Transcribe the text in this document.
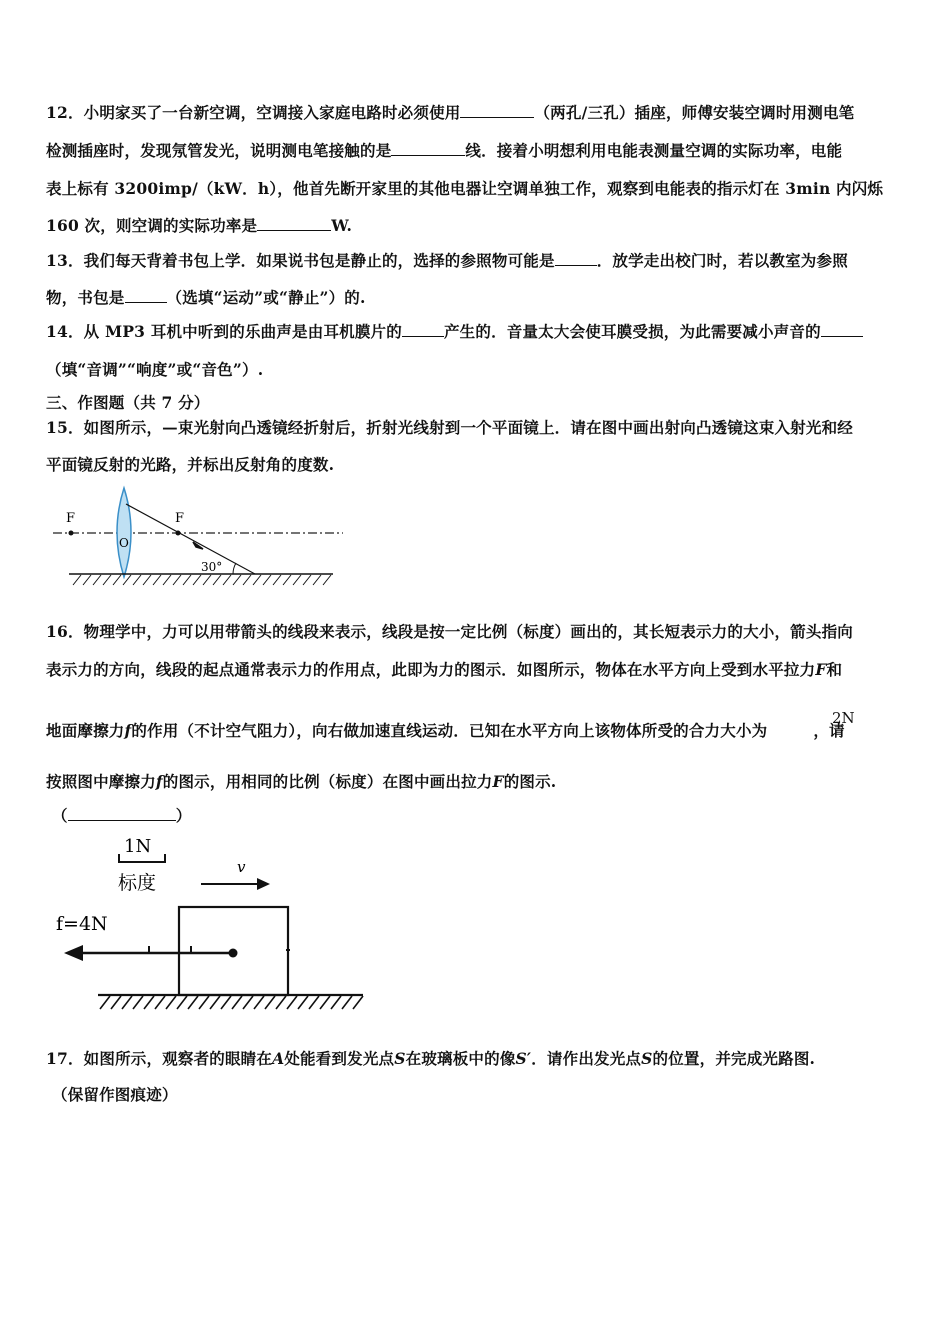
12．小明家买了一台新空调，空调接入家庭电路时必须使用	（两孔/三孔）插座，师傅安装空调时用测电笔
检测插座时，发现氖管发光，说明测电笔接触的是	线．接着小明想利用电能表测量空调的实际功率，电能
表上标有 3200imp/（kW．h），他首先断开家里的其他电器让空调单独工作，观察到电能表的指示灯在 3min 内闪烁
160 次，则空调的实际功率是	W.
13．我们每天背着书包上学．如果说书包是静止的，选择的参照物可能是	．放学走出校门时，若以教室为参照
物，书包是	（选填“运动”或“静止”）的.
14．从 MP3 耳机中听到的乐曲声是由耳机膜片的	产生的．音量太大会使耳膜受损，为此需要减小声音的
（填“音调”“响度”或“音色”）.
三、作图题（共 7 分）
15．如图所示，—束光射向凸透镜经折射后，折射光线射到一个平面镜上．请在图中画出射向凸透镜这束入射光和经
平面镜反射的光路，并标出反射角的度数.
F	F
O
30°
16．物理学中，力可以用带箭头的线段来表示，线段是按一定比例（标度）画出的，其长短表示力的大小，箭头指向
表示力的方向，线段的起点通常表示力的作用点，此即为力的图示．如图所示，物体在水平方向上受到水平拉力F和
地面摩擦力f的作用（不计空气阻力），向右做加速直线运动．已知在水平方向上该物体所受的合力大小为	，请
2N
按照图中摩擦力f的图示，用相同的比例（标度）在图中画出拉力F的图示.
（	）
1N
标度
v
f=4N
17．如图所示，观察者的眼睛在A处能看到发光点S在玻璃板中的像S′．请作出发光点S的位置，并完成光路图.
（保留作图痕迹）
